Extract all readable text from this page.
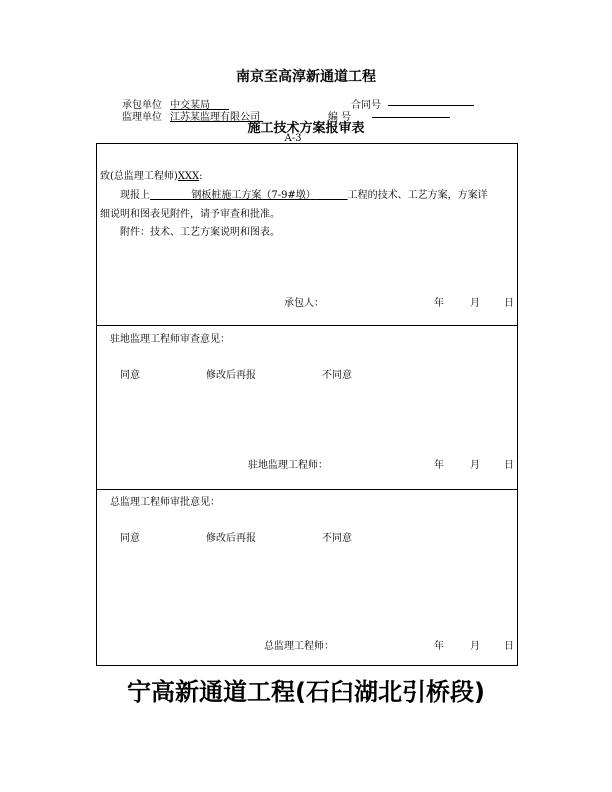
南京至高淳新通道工程
承包单位 中交某局	合同号
监理单位 江苏某监理有限公司	编 号
施工技术方案报审表
A-3
致(总监理工程师)XXX:
现报上	钢板桩施工方案（7-9#墩）	工程的技术、工艺方案，方案详
细说明和图表见附件，请予审查和批准。
附件：技术、工艺方案说明和图表。
承包人：	年	月 日
驻地监理工程师审查意见：
同意	修改后再报	不同意
驻地监理工程师：	年	月 日
总监理工程师审批意见：
同意	修改后再报	不同意
总监理工程师：	年	月 日
宁高新通道工程(石臼湖北引桥段)
